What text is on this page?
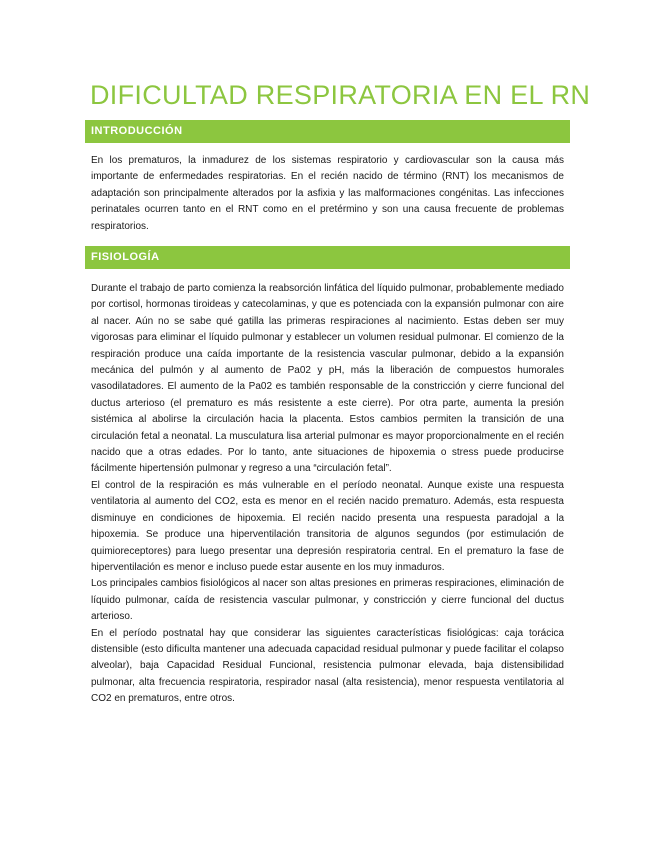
DIFICULTAD RESPIRATORIA EN EL RN
INTRODUCCIÓN

En los prematuros, la inmadurez de los sistemas respiratorio y cardiovascular son la causa más importante de enfermedades respiratorias. En el recién nacido de término (RNT) los mecanismos de adaptación son principalmente alterados por la asfixia y las malformaciones congénitas. Las infecciones perinatales ocurren tanto en el RNT como en el pretérmino y son una causa frecuente de problemas respiratorios.

FISIOLOGÍA

Durante el trabajo de parto comienza la reabsorción linfática del líquido pulmonar, probablemente mediado por cortisol, hormonas tiroideas y catecolaminas, y que es potenciada con la expansión pulmonar con aire al nacer. Aún no se sabe qué gatilla las primeras respiraciones al nacimiento. Estas deben ser muy vigorosas para eliminar el líquido pulmonar y establecer un volumen residual pulmonar. El comienzo de la respiración produce una caída importante de la resistencia vascular pulmonar, debido a la expansión mecánica del pulmón y al aumento de Pa02 y pH, más la liberación de compuestos humorales vasodilatadores. El aumento de la Pa02 es también responsable de la constricción y cierre funcional del ductus arterioso (el prematuro es más resistente a este cierre). Por otra parte, aumenta la presión sistémica al abolirse la circulación hacia la placenta. Estos cambios permiten la transición de una circulación fetal a neonatal. La musculatura lisa arterial pulmonar es mayor proporcionalmente en el recién nacido que a otras edades. Por lo tanto, ante situaciones de hipoxemia o stress puede producirse fácilmente hipertensión pulmonar y regreso a una “circulación fetal”.

El control de la respiración es más vulnerable en el período neonatal. Aunque existe una respuesta ventilatoria al aumento del CO2, esta es menor en el recién nacido prematuro. Además, esta respuesta disminuye en condiciones de hipoxemia. El recién nacido presenta una respuesta paradojal a la hipoxemia. Se produce una hiperventilación transitoria de algunos segundos (por estimulación de quimioreceptores) para luego presentar una depresión respiratoria central. En el prematuro la fase de hiperventilación es menor e incluso puede estar ausente en los muy inmaduros.

Los principales cambios fisiológicos al nacer son altas presiones en primeras respiraciones, eliminación de líquido pulmonar, caída de resistencia vascular pulmonar, y constricción y cierre funcional del ductus arterioso.

En el período postnatal hay que considerar las siguientes características fisiológicas: caja torácica distensible (esto dificulta mantener una adecuada capacidad residual pulmonar y puede facilitar el colapso alveolar), baja Capacidad Residual Funcional, resistencia pulmonar elevada, baja distensibilidad pulmonar, alta frecuencia respiratoria, respirador nasal (alta resistencia), menor respuesta ventilatoria al CO2 en prematuros, entre otros.
